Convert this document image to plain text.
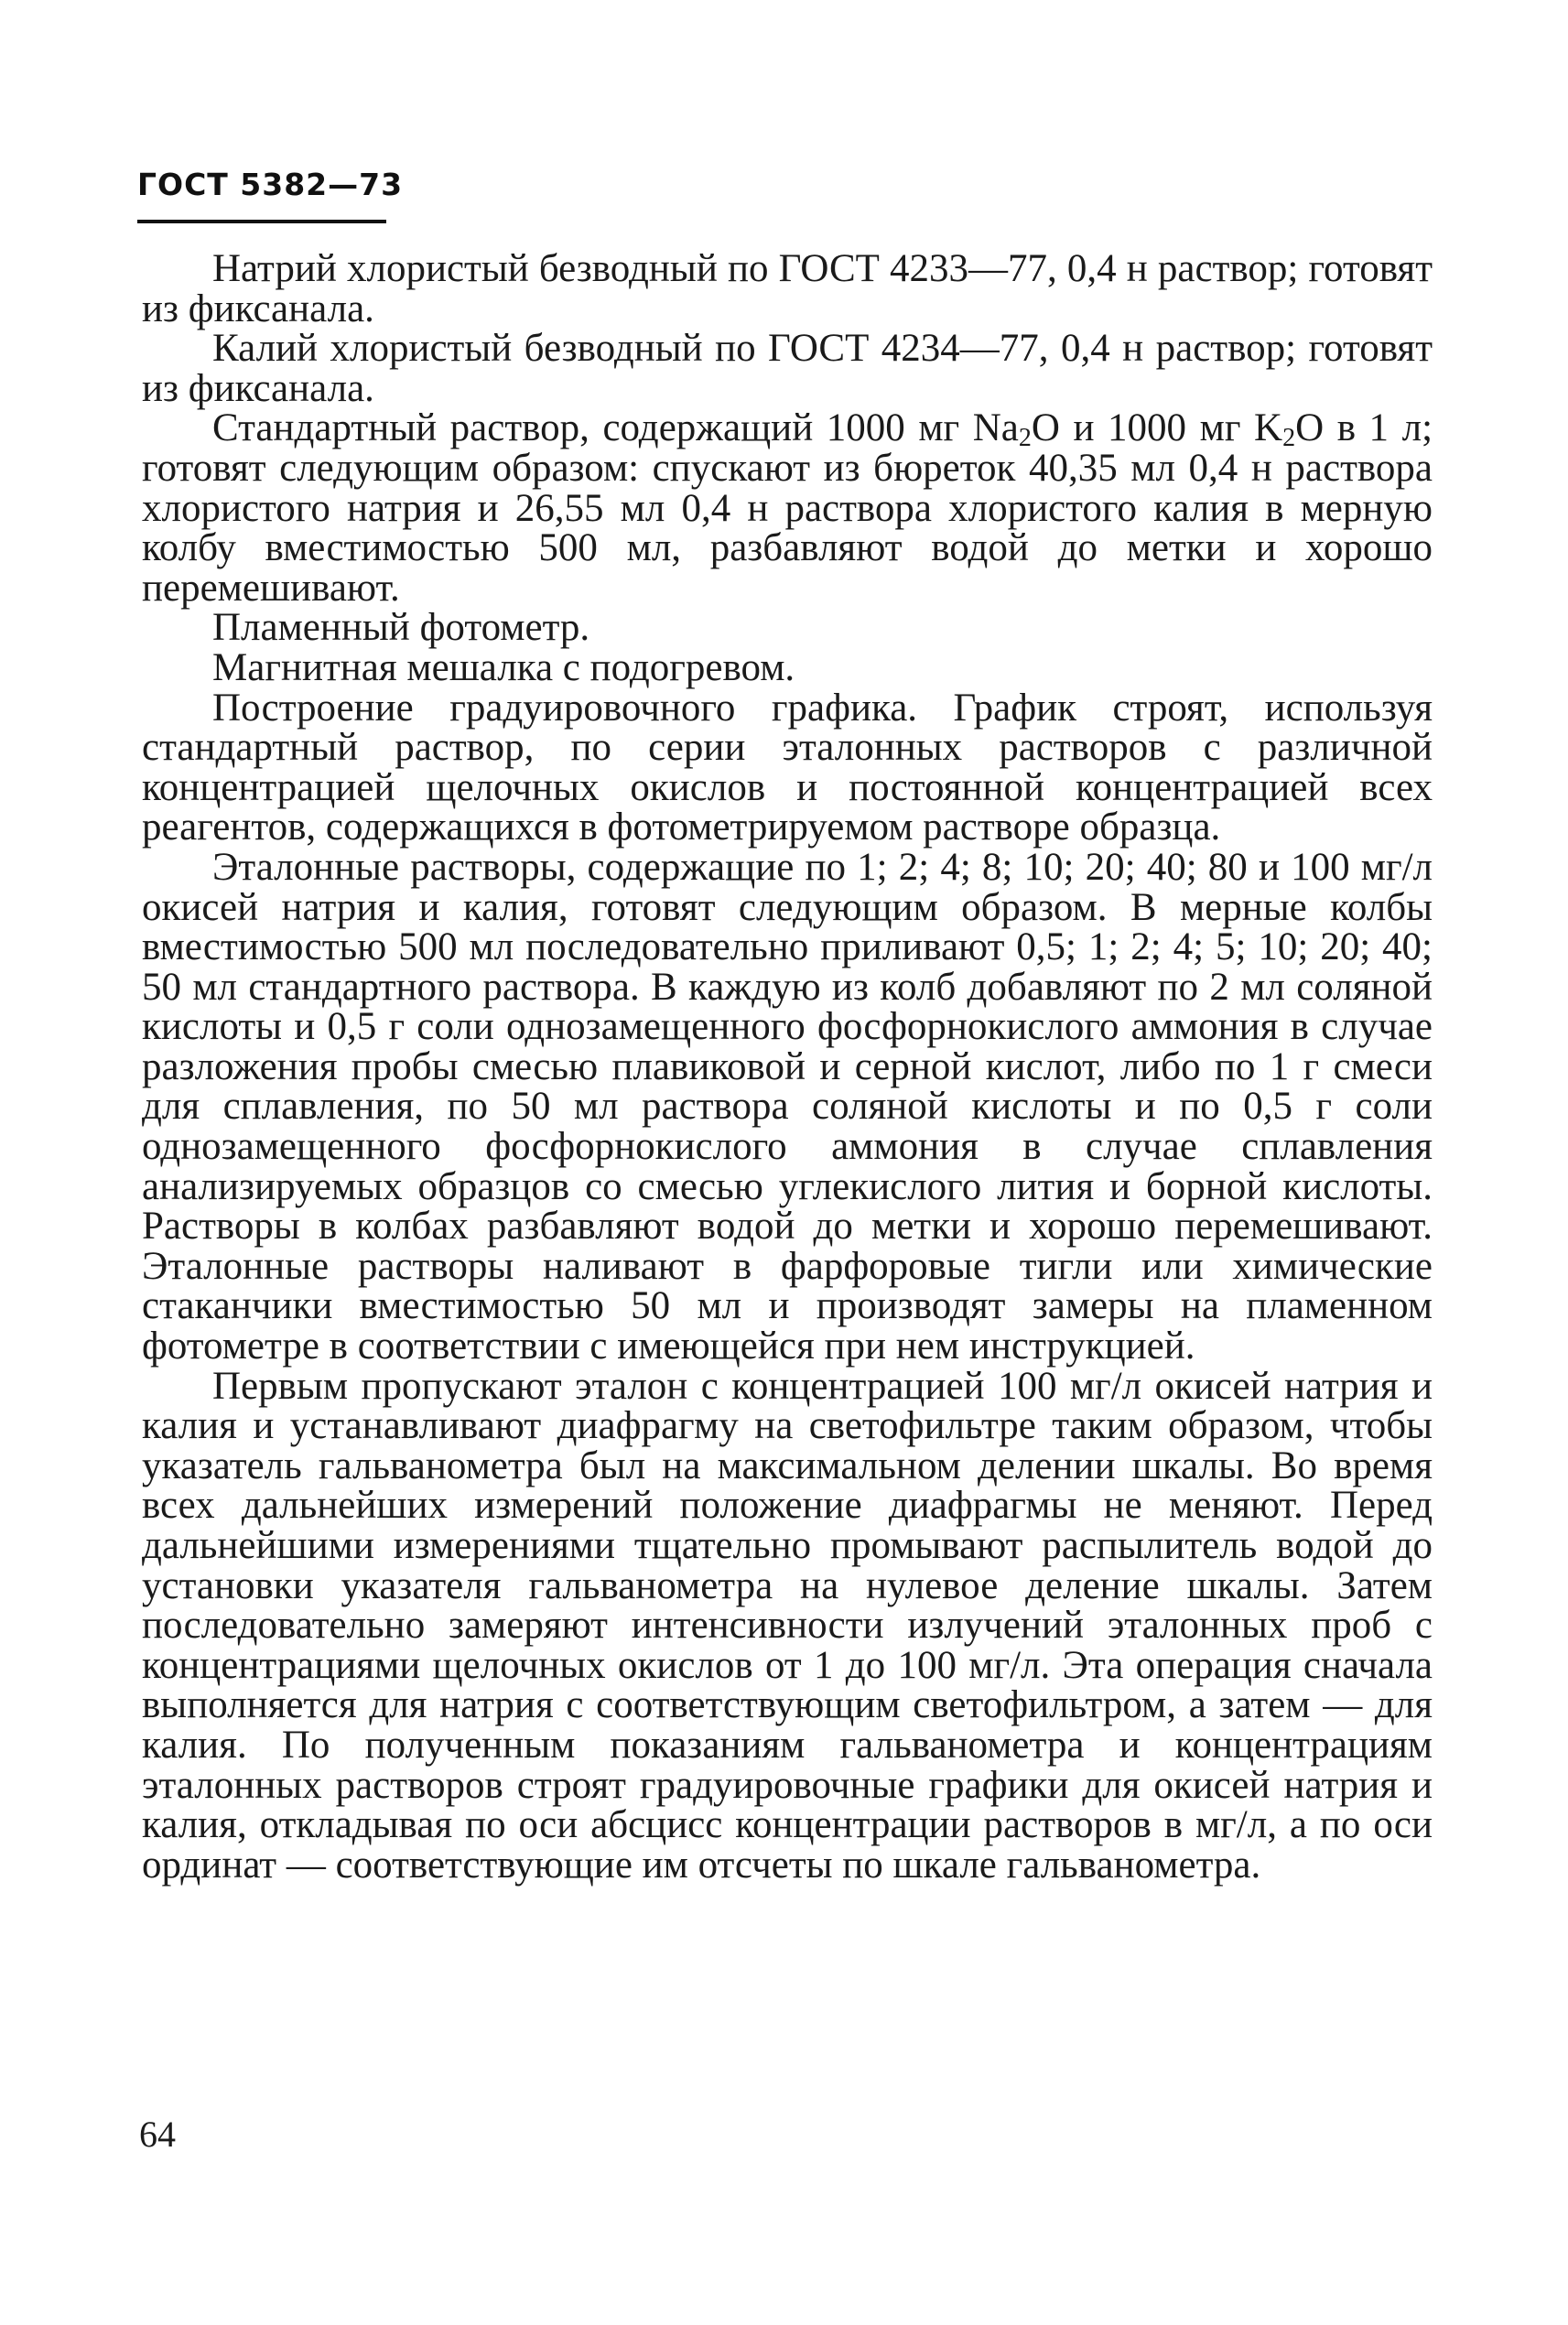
ГОСТ 5382—73

Натрий хлористый безводный по ГОСТ 4233—77, 0,4 н раствор; готовят из фиксанала.

Калий хлористый безводный по ГОСТ 4234—77, 0,4 н раствор; готовят из фиксанала.

Стандартный раствор, содержащий 1000 мг $Na_2O$ и 1000 мг $K_2O$ в 1 л; готовят следующим образом: спускают из бюреток 40,35 мл 0,4 н раствора хлористого натрия и 26,55 мл 0,4 н раствора хлористого калия в мерную колбу вместимостью 500 мл, разбавляют водой до метки и хорошо перемешивают.

Пламенный фотометр.

Магнитная мешалка с подогревом.

Построение градуировочного графика. График строят, используя стандартный раствор, по серии эталонных растворов с различной концентрацией щелочных окислов и постоянной концентрацией всех реагентов, содержащихся в фотометрируемом растворе образца.

Эталонные растворы, содержащие по 1; 2; 4; 8; 10; 20; 40; 80 и 100 мг/л окисей натрия и калия, готовят следующим образом. В мерные колбы вместимостью 500 мл последовательно приливают 0,5; 1; 2; 4; 5; 10; 20; 40; 50 мл стандартного раствора. В каждую из колб добавляют по 2 мл соляной кислоты и 0,5 г соли однозамещенного фосфорнокислого аммония в случае разложения пробы смесью плавиковой и серной кислот, либо по 1 г смеси для сплавления, по 50 мл раствора соляной кислоты и по 0,5 г соли однозамещенного фосфорнокислого аммония в случае сплавления анализируемых образцов со смесью углекислого лития и борной кислоты. Растворы в колбах разбавляют водой до метки и хорошо перемешивают. Эталонные растворы наливают в фарфоровые тигли или химические стаканчики вместимостью 50 мл и производят замеры на пламенном фотометре в соответствии с имеющейся при нем инструкцией.

Первым пропускают эталон с концентрацией 100 мг/л окисей натрия и калия и устанавливают диафрагму на светофильтре таким образом, чтобы указатель гальванометра был на максимальном делении шкалы. Во время всех дальнейших измерений положение диафрагмы не меняют. Перед дальнейшими измерениями тщательно промывают распылитель водой до установки указателя гальванометра на нулевое деление шкалы. Затем последовательно замеряют интенсивности излучений эталонных проб с концентрациями щелочных окислов от 1 до 100 мг/л. Эта операция сначала выполняется для натрия с соответствующим светофильтром, а затем — для калия. По полученным показаниям гальванометра и концентрациям эталонных растворов строят градуировочные графики для окисей натрия и калия, откладывая по оси абсцисс концентрации растворов в мг/л, а по оси ординат — соответствующие им отсчеты по шкале гальванометра.

64
